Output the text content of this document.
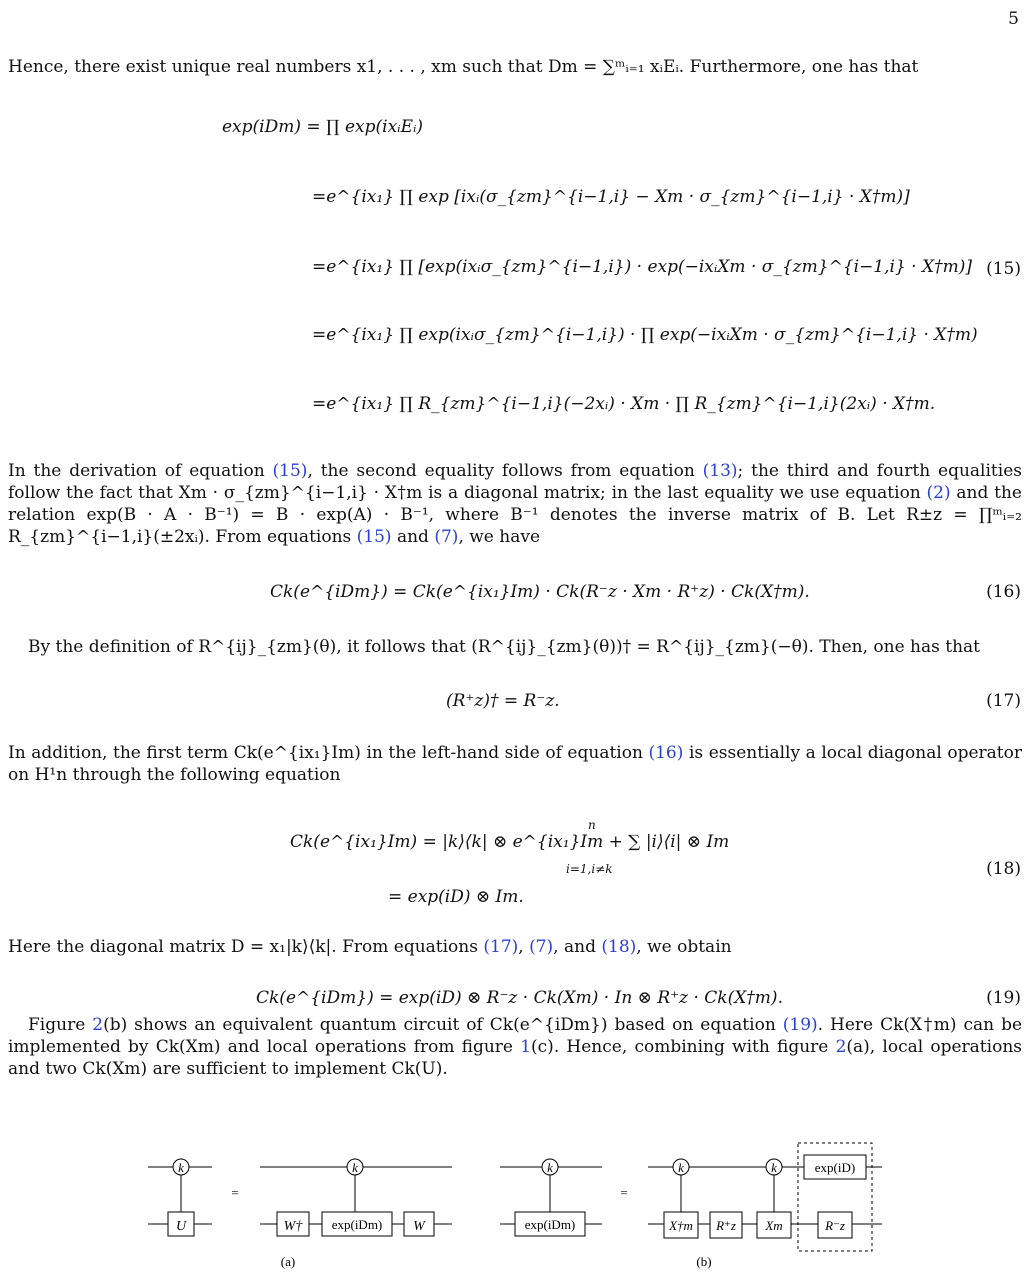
5
Hence, there exist unique real numbers x1, . . . , xm such that Dm = ∑ᵐᵢ₌₁ xᵢEᵢ. Furthermore, one has that
exp(iDm) = ∏ exp(ixᵢEᵢ)
=e^{ix₁} ∏ exp [ixᵢ(σ_{zm}^{i−1,i} − Xm · σ_{zm}^{i−1,i} · X†m)]
=e^{ix₁} ∏ [exp(ixᵢσ_{zm}^{i−1,i}) · exp(−ixᵢXm · σ_{zm}^{i−1,i} · X†m)]
=e^{ix₁} ∏ exp(ixᵢσ_{zm}^{i−1,i}) · ∏ exp(−ixᵢXm · σ_{zm}^{i−1,i} · X†m)
=e^{ix₁} ∏ R_{zm}^{i−1,i}(−2xᵢ) · Xm · ∏ R_{zm}^{i−1,i}(2xᵢ) · X†m.
(15)
In the derivation of equation (15), the second equality follows from equation (13); the third and fourth equalities follow the fact that Xm · σ_{zm}^{i−1,i} · X†m is a diagonal matrix; in the last equality we use equation (2) and the relation exp(B · A · B⁻¹) = B · exp(A) · B⁻¹, where B⁻¹ denotes the inverse matrix of B. Let R±z = ∏ᵐᵢ₌₂ R_{zm}^{i−1,i}(±2xᵢ). From equations (15) and (7), we have
Ck(e^{iDm}) = Ck(e^{ix₁}Im) · Ck(R⁻z · Xm · R⁺z) · Ck(X†m).	(16)
By the definition of R^{ij}_{zm}(θ), it follows that (R^{ij}_{zm}(θ))† = R^{ij}_{zm}(−θ). Then, one has that
(R⁺z)† = R⁻z.	(17)
In addition, the first term Ck(e^{ix₁}Im) in the left-hand side of equation (16) is essentially a local diagonal operator on H¹n through the following equation
Ck(e^{ix₁}Im) = |k⟩⟨k| ⊗ e^{ix₁}Im + ∑ |i⟩⟨i| ⊗ Im
n
i=1,i≠k
= exp(iD) ⊗ Im.
(18)
Here the diagonal matrix D = x₁|k⟩⟨k|. From equations (17), (7), and (18), we obtain
Ck(e^{iDm}) = exp(iD) ⊗ R⁻z · Ck(Xm) · In ⊗ R⁺z · Ck(X†m).	(19)
Figure 2(b) shows an equivalent quantum circuit of Ck(e^{iDm}) based on equation (19). Here Ck(X†m) can be implemented by Ck(Xm) and local operations from figure 1(c). Hence, combining with figure 2(a), local operations and two Ck(Xm) are sufficient to implement Ck(U).
k
U
=
k
W† exp(iDm) W
(a)
k
exp(iDm)
=
k	k
X†m R⁺z Xm
exp(iD)
R⁻z
(b)
